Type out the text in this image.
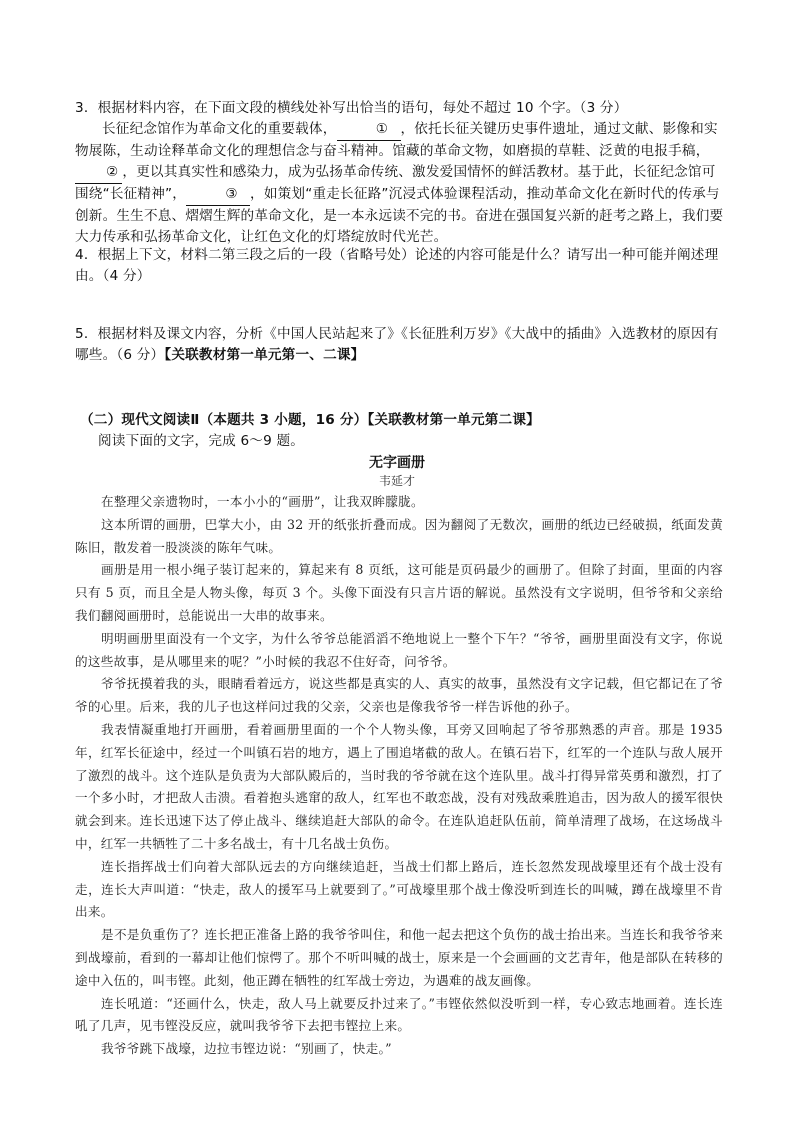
3．根据材料内容，在下面文段的横线处补写出恰当的语句，每处不超过 10 个字。（3 分）

长征纪念馆作为革命文化的重要载体，	① ，依托长征关键历史事件遗址，通过文献、影像和实物展陈，生动诠释革命文化的理想信念与奋斗精神。馆藏的革命文物，如磨损的草鞋、泛黄的电报手稿，② ，更以其真实性和感染力，成为弘扬革命传统、激发爱国情怀的鲜活教材。基于此，长征纪念馆可围绕“长征精神”，	③ ，如策划“重走长征路”沉浸式体验课程活动，推动革命文化在新时代的传承与创新。生生不息、熠熠生辉的革命文化，是一本永远读不完的书。奋进在强国复兴新的赶考之路上，我们要大力传承和弘扬革命文化，让红色文化的灯塔绽放时代光芒。

4．根据上下文，材料二第三段之后的一段（省略号处）论述的内容可能是什么？请写出一种可能并阐述理由。（4 分）

5．根据材料及课文内容，分析《中国人民站起来了》《长征胜利万岁》《大战中的插曲》入选教材的原因有哪些。（6 分）【关联教材第一单元第一、二课】

（二）现代文阅读Ⅱ（本题共 3 小题，16 分）【关联教材第一单元第二课】

阅读下面的文字，完成 6～9 题。

无字画册
韦延才

在整理父亲遗物时，一本小小的“画册”，让我双眸朦胧。

这本所谓的画册，巴掌大小，由 32 开的纸张折叠而成。因为翻阅了无数次，画册的纸边已经破损，纸面发黄陈旧，散发着一股淡淡的陈年气味。

画册是用一根小绳子装订起来的，算起来有 8 页纸，这可能是页码最少的画册了。但除了封面，里面的内容只有 5 页，而且全是人物头像，每页 3 个。头像下面没有只言片语的解说。虽然没有文字说明，但爷爷和父亲给我们翻阅画册时，总能说出一大串的故事来。

明明画册里面没有一个文字，为什么爷爷总能滔滔不绝地说上一整个下午？“爷爷，画册里面没有文字，你说的这些故事，是从哪里来的呢？”小时候的我忍不住好奇，问爷爷。

爷爷抚摸着我的头，眼睛看着远方，说这些都是真实的人、真实的故事，虽然没有文字记载，但它都记在了爷爷的心里。后来，我的儿子也这样问过我的父亲，父亲也是像我爷爷一样告诉他的孙子。

我表情凝重地打开画册，看着画册里面的一个个人物头像，耳旁又回响起了爷爷那熟悉的声音。那是 1935 年，红军长征途中，经过一个叫镇石岩的地方，遇上了围追堵截的敌人。在镇石岩下，红军的一个连队与敌人展开了激烈的战斗。这个连队是负责为大部队殿后的，当时我的爷爷就在这个连队里。战斗打得异常英勇和激烈，打了一个多小时，才把敌人击溃。看着抱头逃窜的敌人，红军也不敢恋战，没有对残敌乘胜追击，因为敌人的援军很快就会到来。连长迅速下达了停止战斗、继续追赶大部队的命令。在连队追赶队伍前，简单清理了战场，在这场战斗中，红军一共牺牲了二十多名战士，有十几名战士负伤。

连长指挥战士们向着大部队远去的方向继续追赶，当战士们都上路后，连长忽然发现战壕里还有个战士没有走，连长大声叫道：“快走，敌人的援军马上就要到了。”可战壕里那个战士像没听到连长的叫喊，蹲在战壕里不肯出来。

是不是负重伤了？连长把正准备上路的我爷爷叫住，和他一起去把这个负伤的战士抬出来。当连长和我爷爷来到战壕前，看到的一幕却让他们惊愕了。那个不听叫喊的战士，原来是一个会画画的文艺青年，他是部队在转移的途中入伍的，叫韦铿。此刻，他正蹲在牺牲的红军战士旁边，为遇难的战友画像。

连长吼道：“还画什么，快走，敌人马上就要反扑过来了。”韦铿依然似没听到一样，专心致志地画着。连长连吼了几声，见韦铿没反应，就叫我爷爷下去把韦铿拉上来。

我爷爷跳下战壕，边拉韦铿边说：“别画了，快走。”
